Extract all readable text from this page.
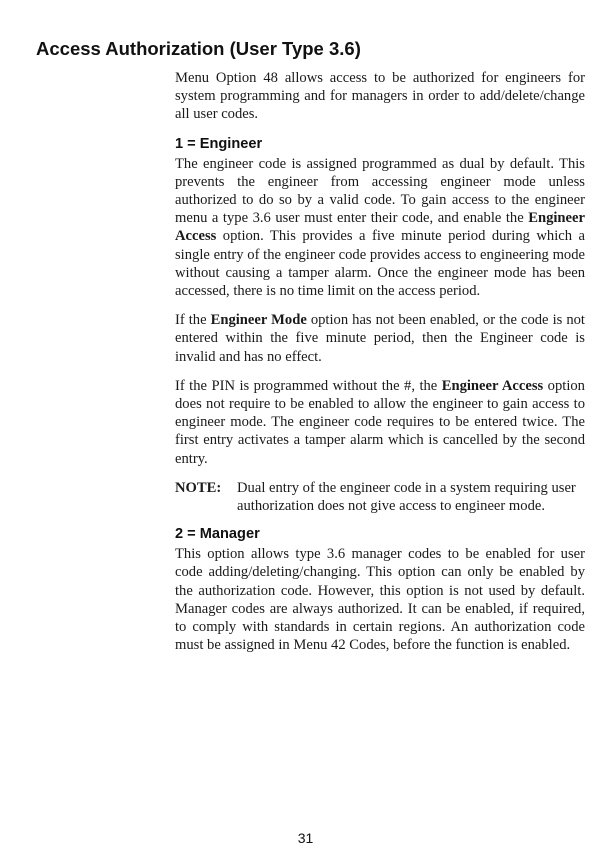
Access Authorization (User Type 3.6)

Menu Option 48 allows access to be authorized for engineers for system programming and for managers in order to add/delete/change all user codes.

1 = Engineer

The engineer code is assigned programmed as dual by default. This prevents the engineer from accessing engineer mode unless authorized to do so by a valid code. To gain access to the engineer menu a type 3.6 user must enter their code, and enable the Engineer Access option. This provides a five minute period during which a single entry of the engineer code provides access to engineering mode without causing a tamper alarm. Once the engineer mode has been accessed, there is no time limit on the access period.

If the Engineer Mode option has not been enabled, or the code is not entered within the five minute period, then the Engineer code is invalid and has no effect.

If the PIN is programmed without the #, the Engineer Access option does not require to be enabled to allow the engineer to gain access to engineer mode. The engineer code requires to be entered twice. The first entry activates a tamper alarm which is cancelled by the second entry.

NOTE:	Dual entry of the engineer code in a system requiring user authorization does not give access to engineer mode.
2 = Manager

This option allows type 3.6 manager codes to be enabled for user code adding/deleting/changing. This option can only be enabled by the authorization code. However, this option is not used by default. Manager codes are always authorized. It can be enabled, if required, to comply with standards in certain regions. An authorization code must be assigned in Menu 42 Codes, before the function is enabled.

31
